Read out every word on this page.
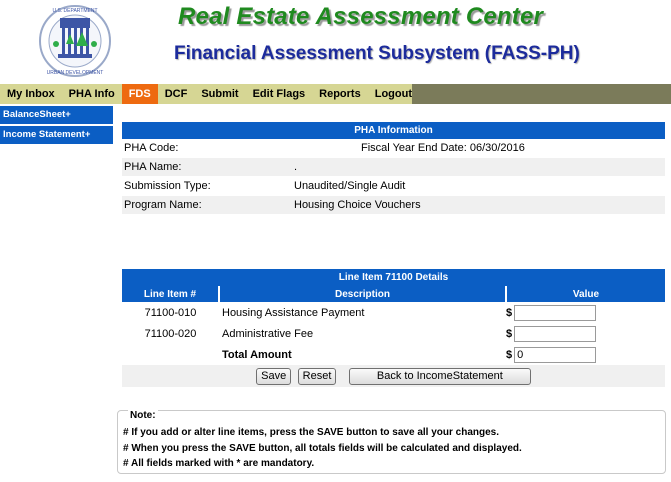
U.S. DEPARTMENT
URBAN DEVELOPMENT
Real Estate Assessment Center
Financial Assessment Subsystem (FASS-PH)
My Inbox	PHA Info	FDS	DCF	Submit	Edit Flags	Reports	Logout
BalanceSheet+
Income Statement+	PHA Information
PHA Code:	Fiscal Year End Date: 06/30/2016
PHA Name:	.
Submission Type:	Unaudited/Single Audit
Program Name:	Housing Choice Vouchers
Line Item 71100 Details
Line Item #	Description	Value
71100-010	Housing Assistance Payment	$
71100-020	Administrative Fee	$
	Total Amount	$0
Save Reset	Back to IncomeStatement
Note:
# If you add or alter line items, press the SAVE button to save all your changes.
# When you press the SAVE button, all totals fields will be calculated and displayed.
# All fields marked with * are mandatory.
